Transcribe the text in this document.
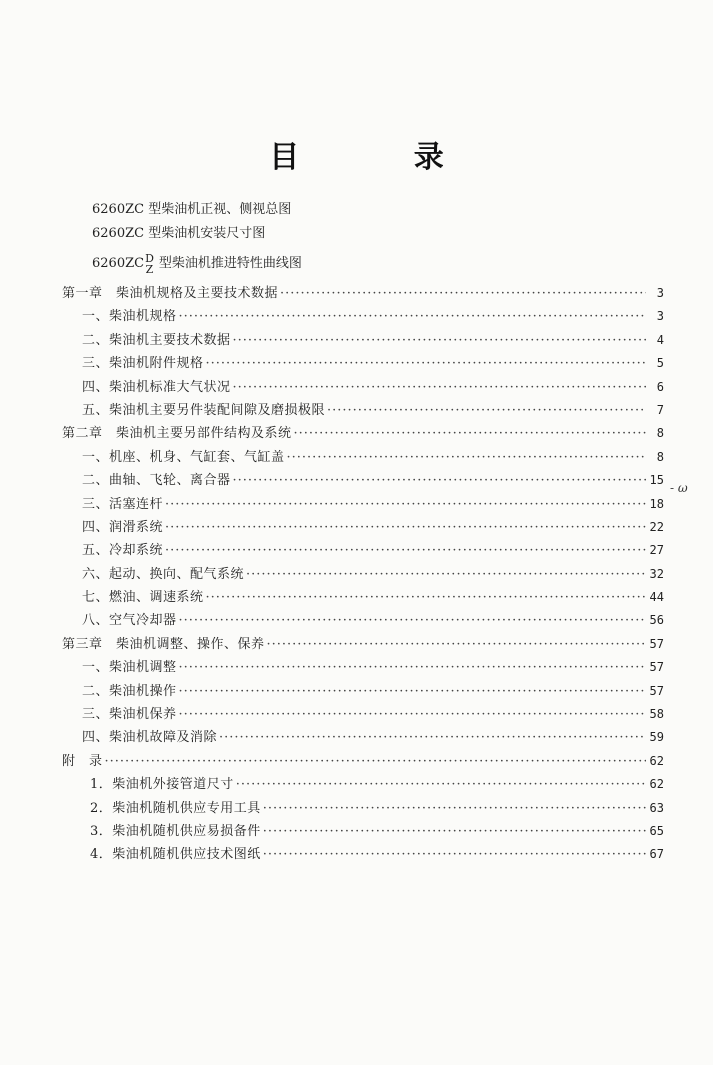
目 录
6260ZC 型柴油机正视、侧视总图
6260ZC 型柴油机安装尺寸图
6260ZC D
Z 型柴油机推进特性曲线图
第一章　柴油机规格及主要技术数据 ·····	3
一、柴油机规格 ·····	3
二、柴油机主要技术数据 ·····	4
三、柴油机附件规格 ·····	5
四、柴油机标准大气状况 ·····	6
五、柴油机主要另件装配间隙及磨损极限 ·····	7
第二章　柴油机主要另部件结构及系统 ·····	8
一、机座、机身、气缸套、气缸盖 ·····	8
二、曲轴、飞轮、离合器 ·····	15
三、活塞连杆 ·····	18
四、润滑系统 ·····	22
五、冷却系统 ·····	27
六、起动、换向、配气系统 ·····	32
七、燃油、调速系统 ·····	44
八、空气冷却器 ·····	56
第三章　柴油机调整、操作、保养 ·····	57
一、柴油机调整 ·····	57
二、柴油机操作 ·····	57
三、柴油机保养 ·····	58
四、柴油机故障及消除 ·····	59
附　录 ·····	62
1．柴油机外接管道尺寸 ·····	62
2．柴油机随机供应专用工具 ·····	63
3．柴油机随机供应易损备件 ·····	65
4．柴油机随机供应技术图纸 ·····	67
- ω
